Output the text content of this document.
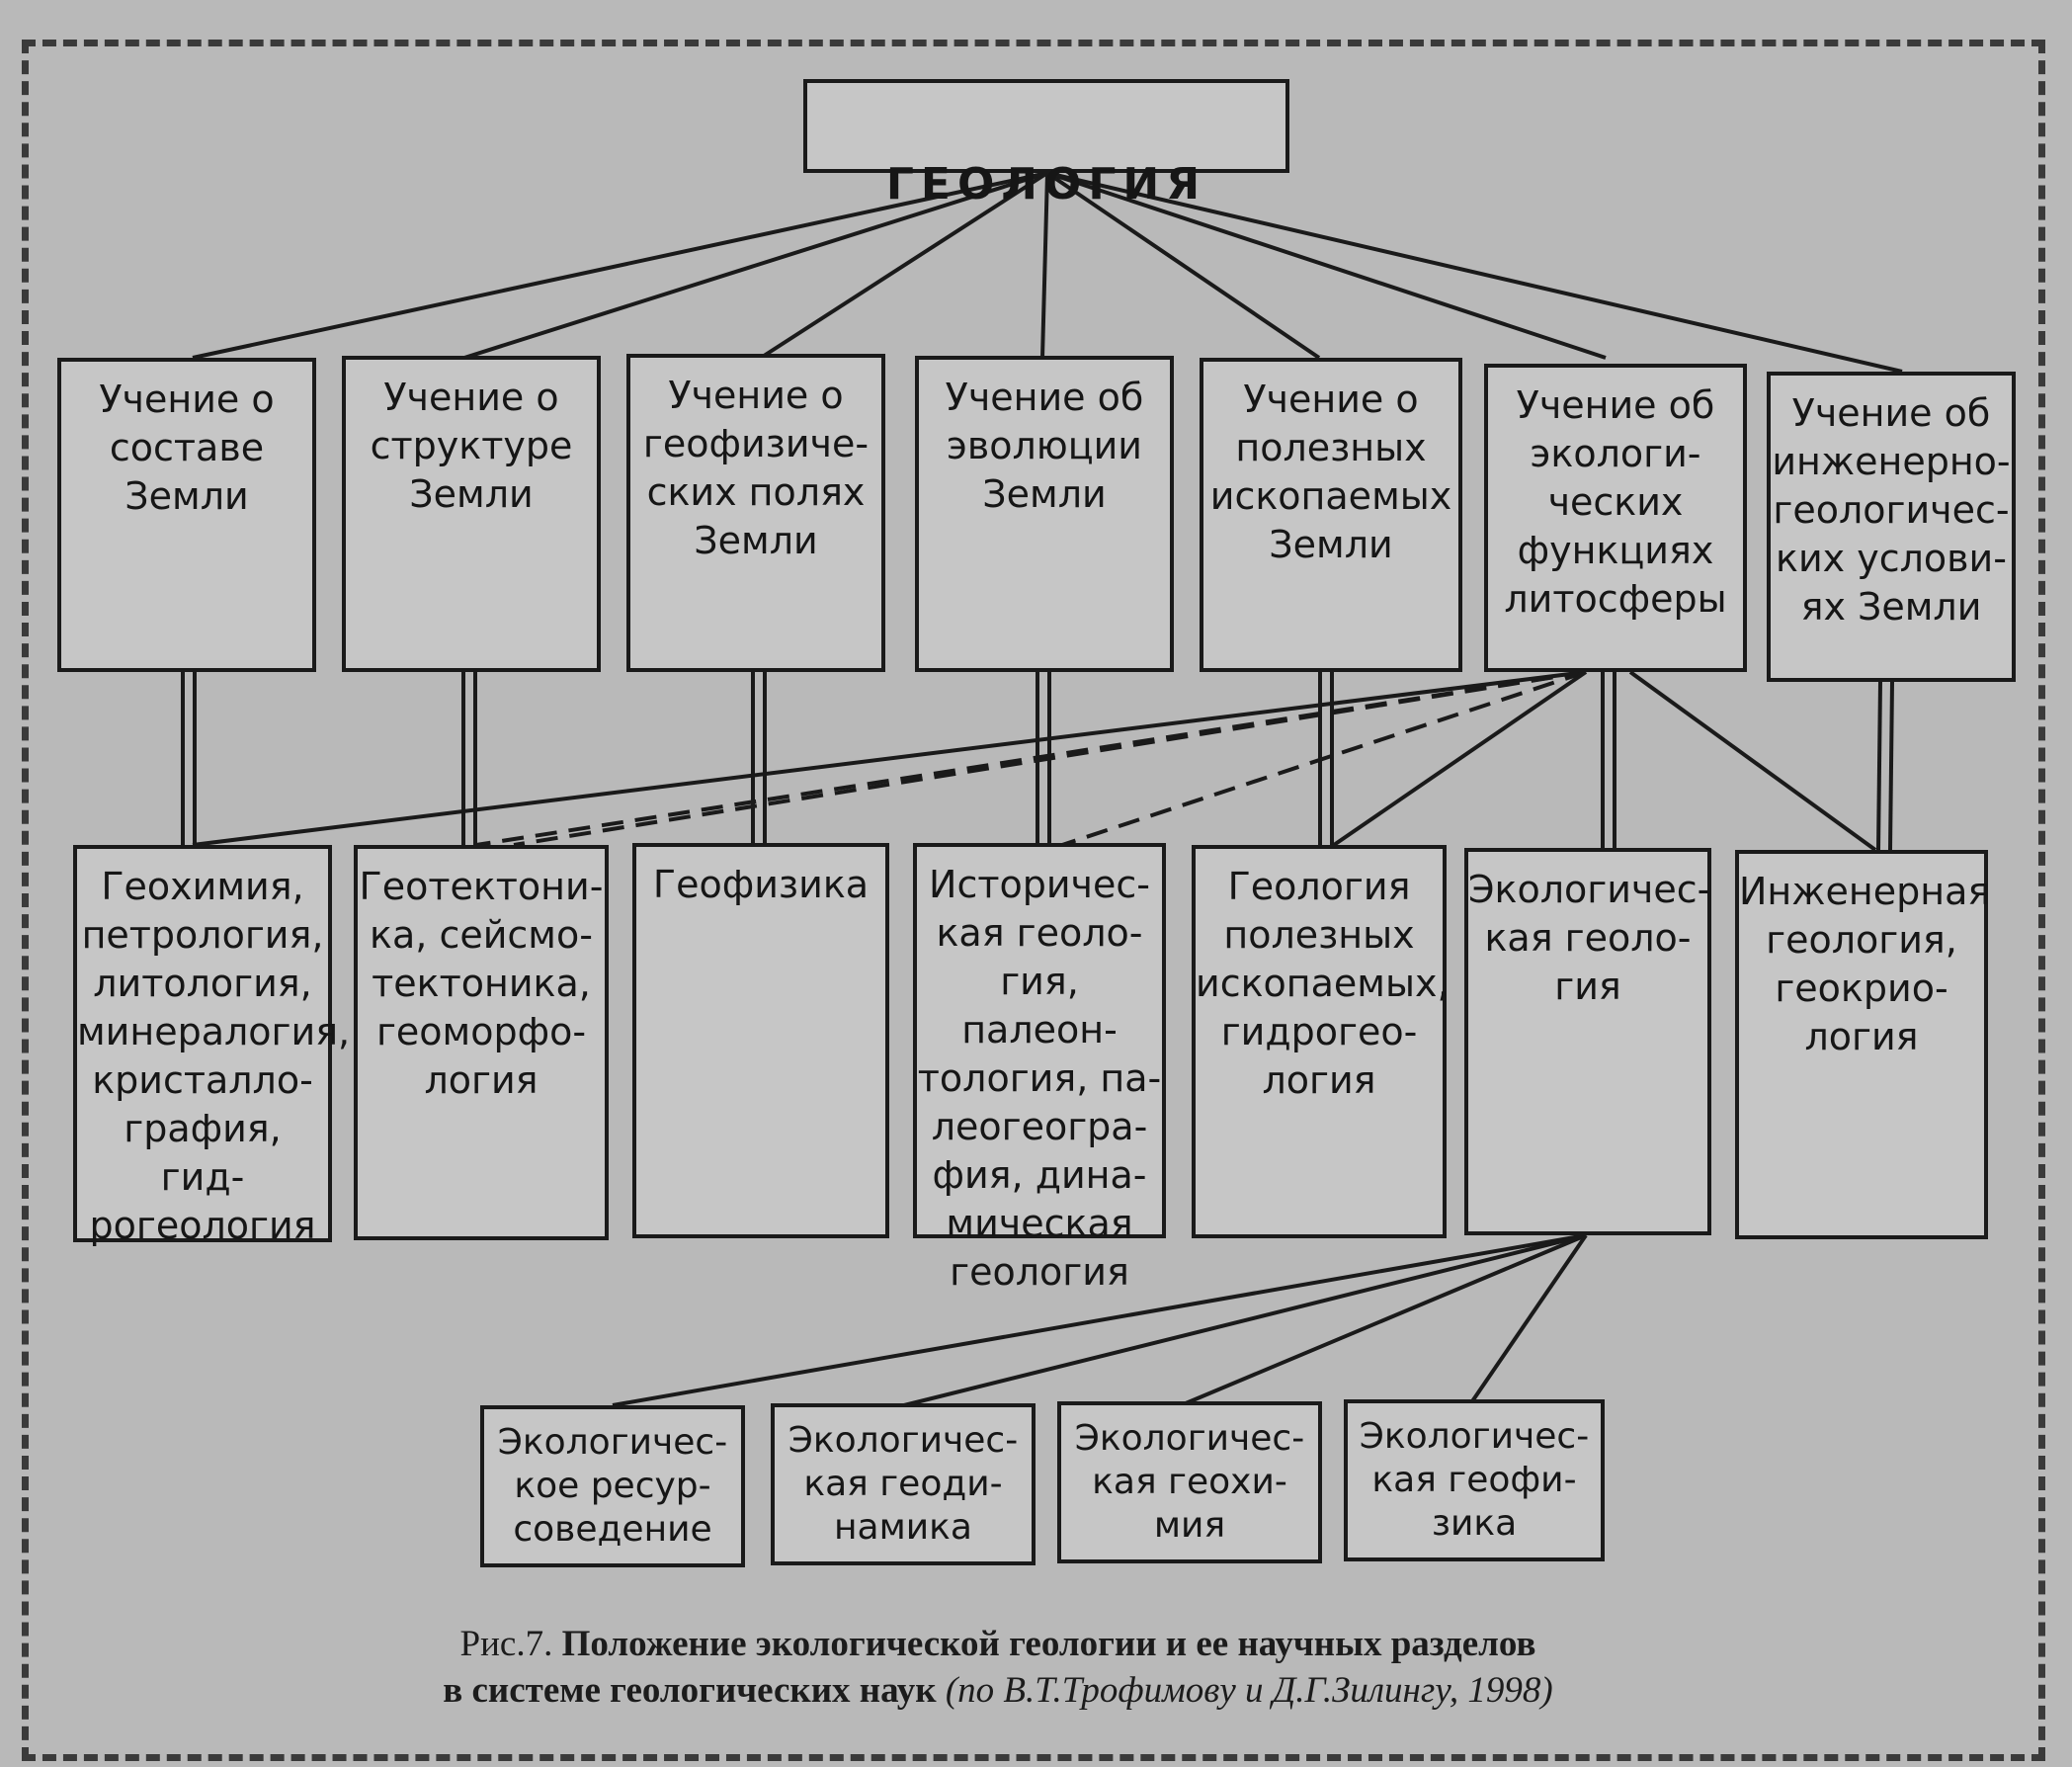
ГЕОЛОГИЯ

Учение о
составе
Земли
Учение о
структуре
Земли
Учение о
геофизиче-
ских полях
Земли
Учение об
эволюции
Земли
Учение о
полезных
ископаемых
Земли
Учение об
экологи-
ческих
функциях
литосферы
Учение об
инженерно-
геологичес-
ких услови-
ях Земли
Геохимия,
петрология,
литология,
минералогия,
кристалло-
графия, гид-
рогеология
Геотектони-
ка, сейсмо-
тектоника,
геоморфо-
логия
Геофизика	Историчес-
кая геоло-
гия, палеон-
тология, па-
леогеогра-
фия, дина-
мическая
геология
Геология
полезных
ископаемых,
гидрогео-
логия
Экологичес-
кая геоло-
гия
Инженерная
геология,
геокрио-
логия
Экологичес-
кое ресур-
соведение
Экологичес-
кая геоди-
намика
Экологичес-
кая геохи-
мия
Экологичес-
кая геофи-
зика
Рис.7. Положение экологической геологии и ее научных разделов
в системе геологических наук (по В.Т.Трофимову и Д.Г.Зилингу, 1998)
